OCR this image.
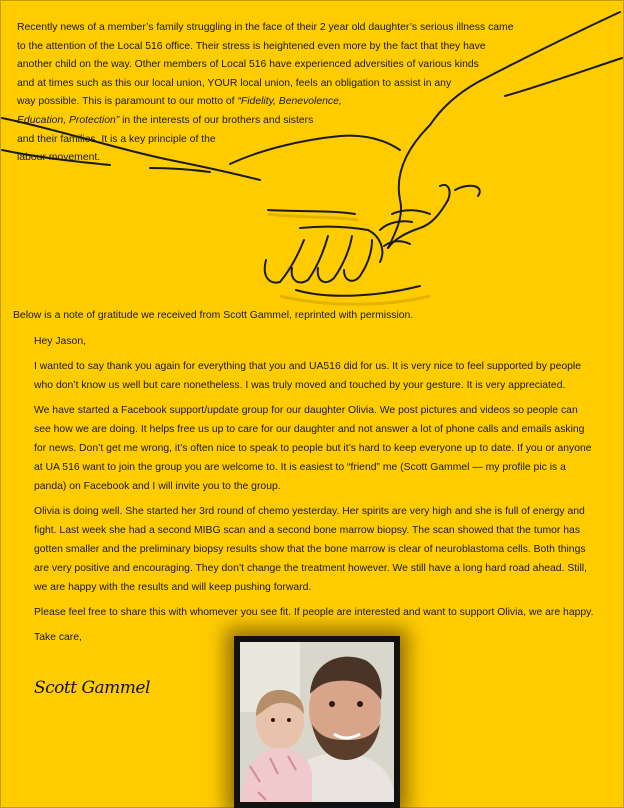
Recently news of a member’s family struggling in the face of their 2 year old daughter’s serious illness came
to the attention of the Local 516 office. Their stress is heightened even more by the fact that they have
another child on the way. Other members of Local 516 have experienced adversities of various kinds
and at times such as this our local union, YOUR local union, feels an obligation to assist in any
way possible. This is paramount to our motto of “Fidelity, Benevolence,
Education, Protection” in the interests of our brothers and sisters
and their families. It is a key principle of the
labour movement.

Below is a note of gratitude we received from Scott Gammel, reprinted with permission.

Hey Jason,

I wanted to say thank you again for everything that you and UA516 did for us. It is very nice to feel supported by people who don’t know us well but care nonetheless. I was truly moved and touched by your gesture. It is very appreciated.

We have started a Facebook support/update group for our daughter Olivia. We post pictures and videos so people can see how we are doing. It helps free us up to care for our daughter and not answer a lot of phone calls and emails asking for news. Don’t get me wrong, it’s often nice to speak to people but it’s hard to keep everyone up to date. If you or anyone at UA 516 want to join the group you are welcome to. It is easiest to “friend” me (Scott Gammel — my profile pic is a panda) on Facebook and I will invite you to the group.

Olivia is doing well. She started her 3rd round of chemo yesterday. Her spirits are very high and she is full of energy and fight. Last week she had a second MIBG scan and a second bone marrow biopsy. The scan showed that the tumor has gotten smaller and the preliminary biopsy results show that the bone marrow is clear of neuroblastoma cells. Both things are very positive and encouraging. They don’t change the treatment however. We still have a long hard road ahead. Still, we are happy with the results and will keep pushing forward.

Please feel free to share this with whomever you see fit. If people are interested and want to support Olivia, we are happy.

Take care,

Scott Gammel
